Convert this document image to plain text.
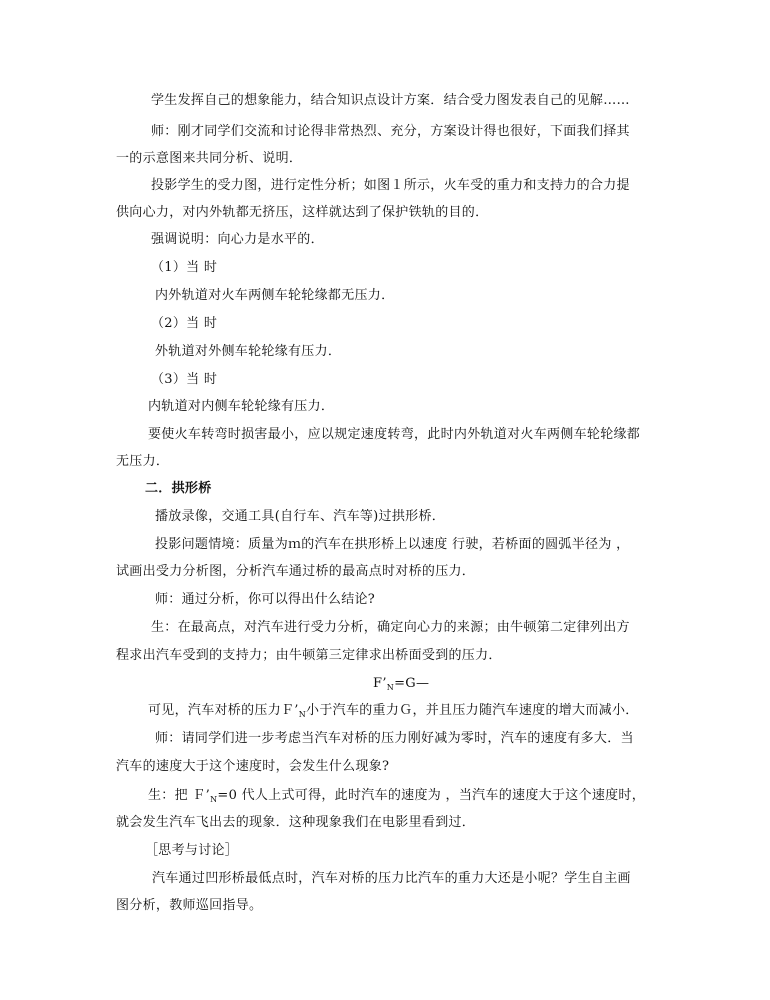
学生发挥自己的想象能力，结合知识点设计方案．结合受力图发表自己的见解……
师：刚才同学们交流和讨论得非常热烈、充分，方案设计得也很好，下面我们择其
一的示意图来共同分析、说明．
投影学生的受力图，进行定性分析；如图１所示，火车受的重力和支持力的合力提
供向心力，对内外轨都无挤压，这样就达到了保护铁轨的目的．
强调说明：向心力是水平的．
（1）当 时
内外轨道对火车两侧车轮轮缘都无压力．
（2）当 时
外轨道对外侧车轮轮缘有压力．
（3）当 时
内轨道对内侧车轮轮缘有压力．
要使火车转弯时损害最小，应以规定速度转弯，此时内外轨道对火车两侧车轮轮缘都
无压力．
二．拱形桥
播放录像，交通工具(自行车、汽车等)过拱形桥．
投影问题情境：质量为ｍ的汽车在拱形桥上以速度 行驶，若桥面的圆弧半径为 ，
试画出受力分析图，分析汽车通过桥的最高点时对桥的压力．
师：通过分析，你可以得出什么结论?
生：在最高点，对汽车进行受力分析，确定向心力的来源；由牛顿第二定律列出方
程求出汽车受到的支持力；由牛顿第三定律求出桥面受到的压力．
$F’_N=G—$
可见，汽车对桥的压力$F’_N$小于汽车的重力Ｇ，并且压力随汽车速度的增大而减小．
师：请同学们进一步考虑当汽车对桥的压力刚好减为零时，汽车的速度有多大．当
汽车的速度大于这个速度时，会发生什么现象?
生：把 $F’_N=0$ 代人上式可得，此时汽车的速度为 ，当汽车的速度大于这个速度时，
就会发生汽车飞出去的现象．这种现象我们在电影里看到过．
［思考与讨论］
汽车通过凹形桥最低点时，汽车对桥的压力比汽车的重力大还是小呢？学生自主画
图分析，教师巡回指导。
